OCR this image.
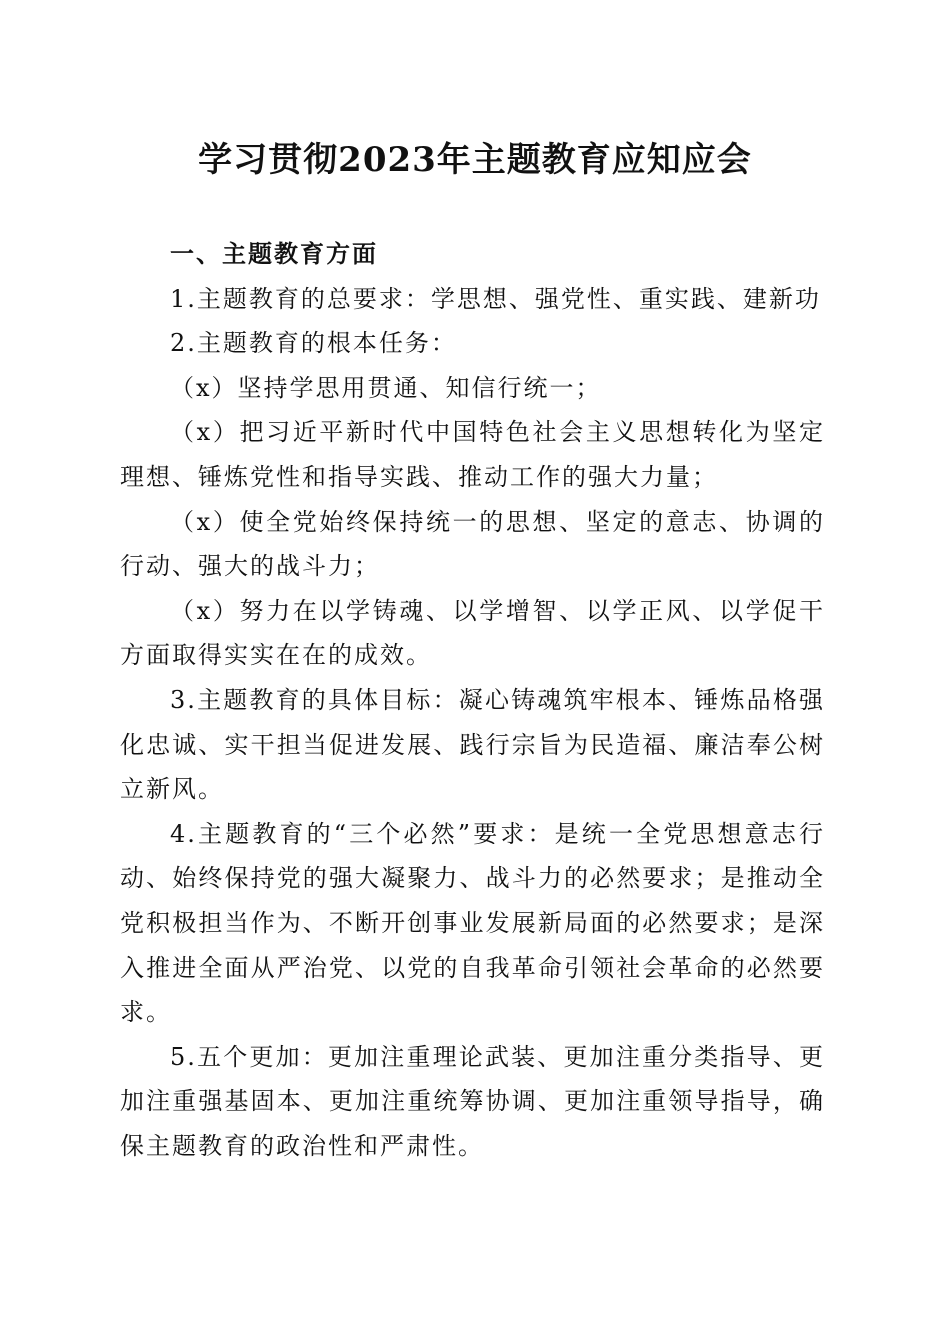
学习贯彻2023年主题教育应知应会

一、主题教育方面

1.主题教育的总要求：学思想、强党性、重实践、建新功

2.主题教育的根本任务：

（x）坚持学思用贯通、知信行统一；

（x）把习近平新时代中国特色社会主义思想转化为坚定理想、锤炼党性和指导实践、推动工作的强大力量；

（x）使全党始终保持统一的思想、坚定的意志、协调的行动、强大的战斗力；

（x）努力在以学铸魂、以学增智、以学正风、以学促干方面取得实实在在的成效。

3.主题教育的具体目标：凝心铸魂筑牢根本、锤炼品格强化忠诚、实干担当促进发展、践行宗旨为民造福、廉洁奉公树立新风。

4.主题教育的“三个必然”要求：是统一全党思想意志行动、始终保持党的强大凝聚力、战斗力的必然要求；是推动全党积极担当作为、不断开创事业发展新局面的必然要求；是深入推进全面从严治党、以党的自我革命引领社会革命的必然要求。

5.五个更加：更加注重理论武装、更加注重分类指导、更加注重强基固本、更加注重统筹协调、更加注重领导指导，确保主题教育的政治性和严肃性。
